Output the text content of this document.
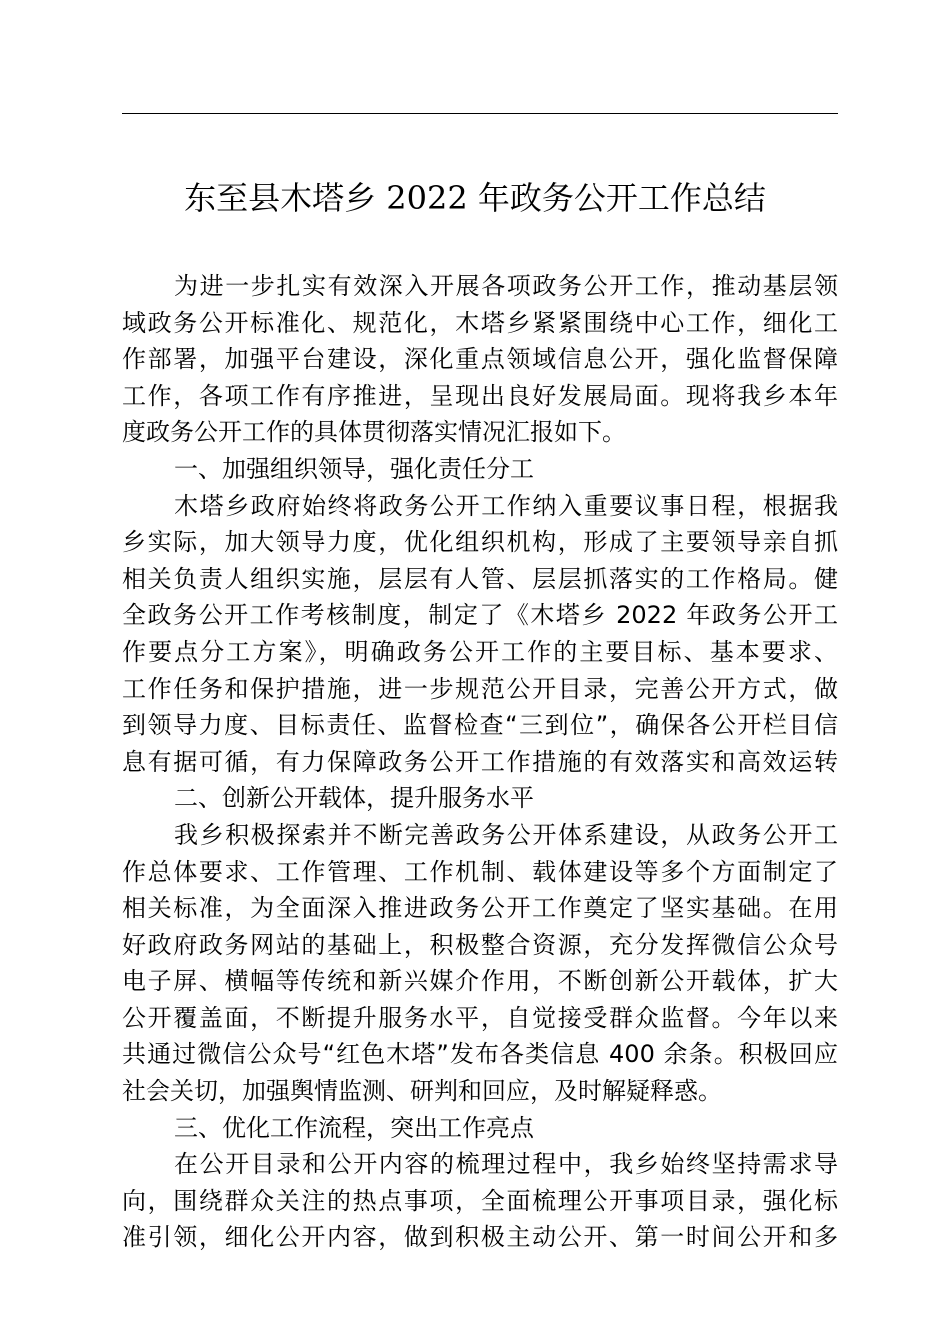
东至县木塔乡 2022 年政务公开工作总结
为进一步扎实有效深入开展各项政务公开工作，推动基层领
域政务公开标准化、规范化，木塔乡紧紧围绕中心工作，细化工
作部署，加强平台建设，深化重点领域信息公开，强化监督保障
工作，各项工作有序推进，呈现出良好发展局面。现将我乡本年
度政务公开工作的具体贯彻落实情况汇报如下。
一、加强组织领导，强化责任分工
木塔乡政府始终将政务公开工作纳入重要议事日程，根据我
乡实际，加大领导力度，优化组织机构，形成了主要领导亲自抓
相关负责人组织实施，层层有人管、层层抓落实的工作格局。健
全政务公开工作考核制度，制定了《木塔乡 2022 年政务公开工
作要点分工方案》，明确政务公开工作的主要目标、基本要求、
工作任务和保护措施，进一步规范公开目录，完善公开方式，做
到领导力度、目标责任、监督检查“三到位”，确保各公开栏目信
息有据可循，有力保障政务公开工作措施的有效落实和高效运转
二、创新公开载体，提升服务水平
我乡积极探索并不断完善政务公开体系建设，从政务公开工
作总体要求、工作管理、工作机制、载体建设等多个方面制定了
相关标准，为全面深入推进政务公开工作奠定了坚实基础。在用
好政府政务网站的基础上，积极整合资源，充分发挥微信公众号
电子屏、横幅等传统和新兴媒介作用，不断创新公开载体，扩大
公开覆盖面，不断提升服务水平，自觉接受群众监督。今年以来
共通过微信公众号“红色木塔”发布各类信息 400 余条。积极回应
社会关切，加强舆情监测、研判和回应，及时解疑释惑。
三、优化工作流程，突出工作亮点
在公开目录和公开内容的梳理过程中，我乡始终坚持需求导
向，围绕群众关注的热点事项，全面梳理公开事项目录，强化标
准引领，细化公开内容，做到积极主动公开、第一时间公开和多
